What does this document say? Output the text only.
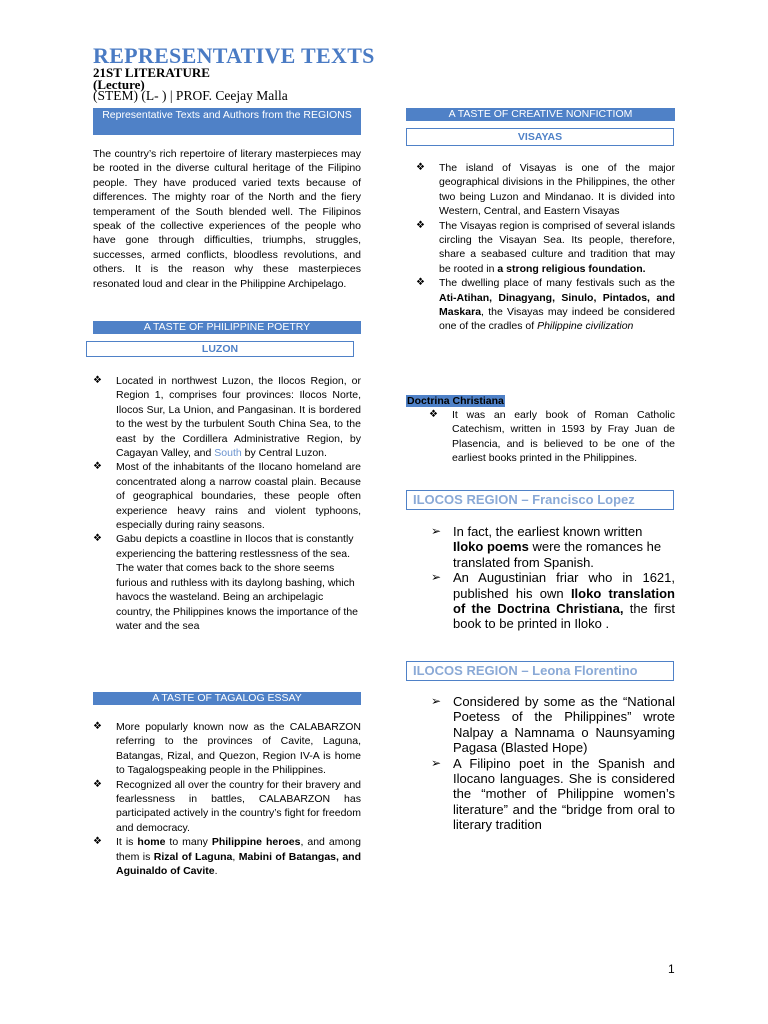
REPRESENTATIVE TEXTS
21ST LITERATURE
(Lecture)
(STEM) (L- ) | PROF. Ceejay Malla
Representative Texts and Authors from the REGIONS
The country’s rich repertoire of literary masterpieces may be rooted in the diverse cultural heritage of the Filipino people. They have produced varied texts because of differences. The mighty roar of the North and the fiery temperament of the South blended well. The Filipinos speak of the collective experiences of the people who have gone through difficulties, triumphs, struggles, successes, armed conflicts, bloodless revolutions, and others. It is the reason why these masterpieces resonated loud and clear in the Philippine Archipelago.
A TASTE OF PHILIPPINE POETRY
LUZON
❖ Located in northwest Luzon, the Ilocos Region, or Region 1, comprises four provinces: Ilocos Norte, Ilocos Sur, La Union, and Pangasinan. It is bordered to the west by the turbulent South China Sea, to the east by the Cordillera Administrative Region, by Cagayan Valley, and South by Central Luzon.
❖ Most of the inhabitants of the Ilocano homeland are concentrated along a narrow coastal plain. Because of geographical boundaries, these people often experience heavy rains and violent typhoons, especially during rainy seasons.
❖ Gabu depicts a coastline in Ilocos that is constantly experiencing the battering restlessness of the sea. The water that comes back to the shore seems furious and ruthless with its daylong bashing, which havocs the wasteland. Being an archipelagic country, the Philippines knows the importance of the water and the sea
A TASTE OF TAGALOG ESSAY
❖ More popularly known now as the CALABARZON referring to the provinces of Cavite, Laguna, Batangas, Rizal, and Quezon, Region IV-A is home to Tagalogspeaking people in the Philippines.
❖ Recognized all over the country for their bravery and fearlessness in battles, CALABARZON has participated actively in the country’s fight for freedom and democracy.
❖ It is home to many Philippine heroes, and among them is Rizal of Laguna, Mabini of Batangas, and Aguinaldo of Cavite.
A TASTE OF CREATIVE NONFICTIOM
VISAYAS
❖ The island of Visayas is one of the major geographical divisions in the Philippines, the other two being Luzon and Mindanao. It is divided into Western, Central, and Eastern Visayas
❖ The Visayas region is comprised of several islands circling the Visayan Sea. Its people, therefore, share a seabased culture and tradition that may be rooted in a strong religious foundation.
❖ The dwelling place of many festivals such as the Ati-Atihan, Dinagyang, Sinulo, Pintados, and Maskara, the Visayas may indeed be considered one of the cradles of Philippine civilization
Doctrina Christiana
❖ It was an early book of Roman Catholic Catechism, written in 1593 by Fray Juan de Plasencia, and is believed to be one of the earliest books printed in the Philippines.
ILOCOS REGION – Francisco Lopez
➢ In fact, the earliest known written Iloko poems were the romances he translated from Spanish.
➢ An Augustinian friar who in 1621, published his own Iloko translation of the Doctrina Christiana, the first book to be printed in Iloko .
ILOCOS REGION – Leona Florentino
➢ Considered by some as the “National Poetess of the Philippines” wrote Nalpay a Namnama o Naunsyaming Pagasa (Blasted Hope)
➢ A Filipino poet in the Spanish and Ilocano languages. She is considered the “mother of Philippine women’s literature” and the “bridge from oral to literary tradition
1
